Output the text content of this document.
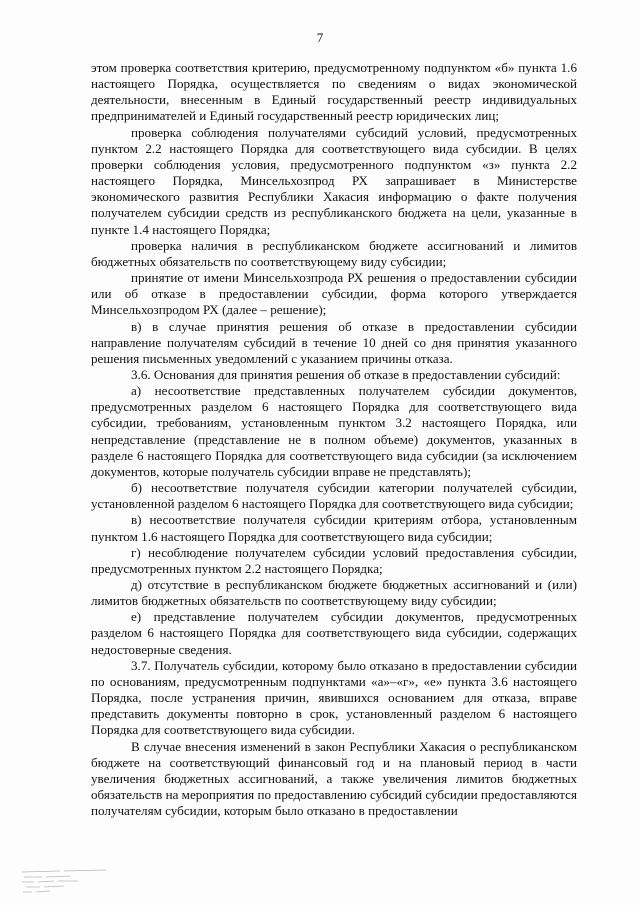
7

этом проверка соответствия критерию, предусмотренному подпунктом «б» пункта 1.6 настоящего Порядка, осуществляется по сведениям о видах экономической деятельности, внесенным в Единый государственный реестр индивидуальных предпринимателей и Единый государственный реестр юридических лиц;

проверка соблюдения получателями субсидий условий, предусмотренных пунктом 2.2 настоящего Порядка для соответствующего вида субсидии. В целях проверки соблюдения условия, предусмотренного подпунктом «з» пункта 2.2 настоящего Порядка, Минсельхозпрод РХ запрашивает в Министерстве экономического развития Республики Хакасия информацию о факте получения получателем субсидии средств из республиканского бюджета на цели, указанные в пункте 1.4 настоящего Порядка;

проверка наличия в республиканском бюджете ассигнований и лимитов бюджетных обязательств по соответствующему виду субсидии;

принятие от имени Минсельхозпрода РХ решения о предоставлении субсидии или об отказе в предоставлении субсидии, форма которого утверждается Минсельхозпродом РХ (далее – решение);

в) в случае принятия решения об отказе в предоставлении субсидии направление получателям субсидий в течение 10 дней со дня принятия указанного решения письменных уведомлений с указанием причины отказа.

3.6. Основания для принятия решения об отказе в предоставлении субсидий:

а) несоответствие представленных получателем субсидии документов, предусмотренных разделом 6 настоящего Порядка для соответствующего вида субсидии, требованиям, установленным пунктом 3.2 настоящего Порядка, или непредставление (представление не в полном объеме) документов, указанных в разделе 6 настоящего Порядка для соответствующего вида субсидии (за исключением документов, которые получатель субсидии вправе не представлять);

б) несоответствие получателя субсидии категории получателей субсидии, установленной разделом 6 настоящего Порядка для соответствующего вида субсидии;

в) несоответствие получателя субсидии критериям отбора, установленным пунктом 1.6 настоящего Порядка для соответствующего вида субсидии;

г) несоблюдение получателем субсидии условий предоставления субсидии, предусмотренных пунктом 2.2 настоящего Порядка;

д) отсутствие в республиканском бюджете бюджетных ассигнований и (или) лимитов бюджетных обязательств по соответствующему виду субсидии;

е) представление получателем субсидии документов, предусмотренных разделом 6 настоящего Порядка для соответствующего вида субсидии, содержащих недостоверные сведения.

3.7. Получатель субсидии, которому было отказано в предоставлении субсидии по основаниям, предусмотренным подпунктами «а»–«г», «е» пункта 3.6 настоящего Порядка, после устранения причин, явившихся основанием для отказа, вправе представить документы повторно в срок, установленный разделом 6 настоящего Порядка для соответствующего вида субсидии.

В случае внесения изменений в закон Республики Хакасия о республиканском бюджете на соответствующий финансовый год и на плановый период в части увеличения бюджетных ассигнований, а также увеличения лимитов бюджетных обязательств на мероприятия по предоставлению субсидий субсидии предоставляются получателям субсидии, которым было отказано в предоставлении
